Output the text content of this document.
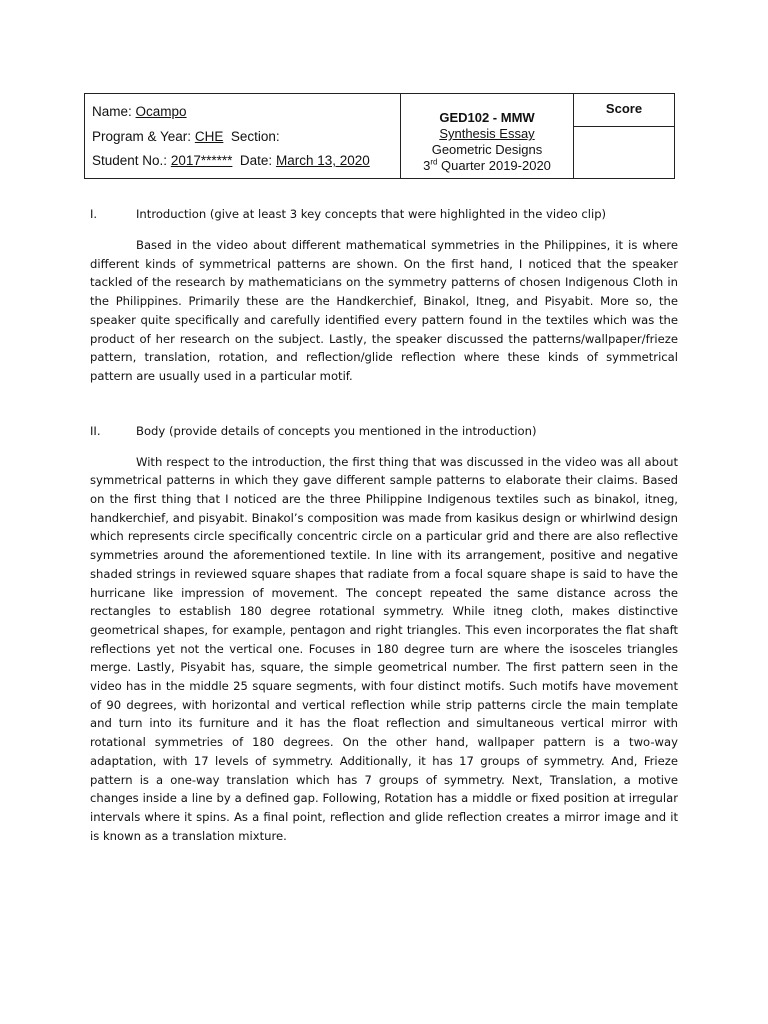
Name: Ocampo
Program & Year: CHE Section:
Student No.: 2017****** Date: March 13, 2020
GED102 - MMW
Synthesis Essay
Geometric Designs
3rd Quarter 2019-2020
Score
I.	Introduction (give at least 3 key concepts that were highlighted in the video clip)

Based in the video about different mathematical symmetries in the Philippines, it is where different kinds of symmetrical patterns are shown. On the first hand, I noticed that the speaker tackled of the research by mathematicians on the symmetry patterns of chosen Indigenous Cloth in the Philippines. Primarily these are the Handkerchief, Binakol, Itneg, and Pisyabit. More so, the speaker quite specifically and carefully identified every pattern found in the textiles which was the product of her research on the subject. Lastly, the speaker discussed the patterns/wallpaper/frieze pattern, translation, rotation, and reflection/glide reflection where these kinds of symmetrical pattern are usually used in a particular motif.

II.	Body (provide details of concepts you mentioned in the introduction)

With respect to the introduction, the first thing that was discussed in the video was all about symmetrical patterns in which they gave different sample patterns to elaborate their claims. Based on the first thing that I noticed are the three Philippine Indigenous textiles such as binakol, itneg, handkerchief, and pisyabit. Binakol’s composition was made from kasikus design or whirlwind design which represents circle specifically concentric circle on a particular grid and there are also reflective symmetries around the aforementioned textile. In line with its arrangement, positive and negative shaded strings in reviewed square shapes that radiate from a focal square shape is said to have the hurricane like impression of movement. The concept repeated the same distance across the rectangles to establish 180 degree rotational symmetry. While itneg cloth, makes distinctive geometrical shapes, for example, pentagon and right triangles. This even incorporates the flat shaft reflections yet not the vertical one. Focuses in 180 degree turn are where the isosceles triangles merge. Lastly, Pisyabit has, square, the simple geometrical number. The first pattern seen in the video has in the middle 25 square segments, with four distinct motifs. Such motifs have movement of 90 degrees, with horizontal and vertical reflection while strip patterns circle the main template and turn into its furniture and it has the float reflection and simultaneous vertical mirror with rotational symmetries of 180 degrees. On the other hand, wallpaper pattern is a two-way adaptation, with 17 levels of symmetry. Additionally, it has 17 groups of symmetry. And, Frieze pattern is a one-way translation which has 7 groups of symmetry. Next, Translation, a motive changes inside a line by a defined gap. Following, Rotation has a middle or fixed position at irregular intervals where it spins. As a final point, reflection and glide reflection creates a mirror image and it is known as a translation mixture.
